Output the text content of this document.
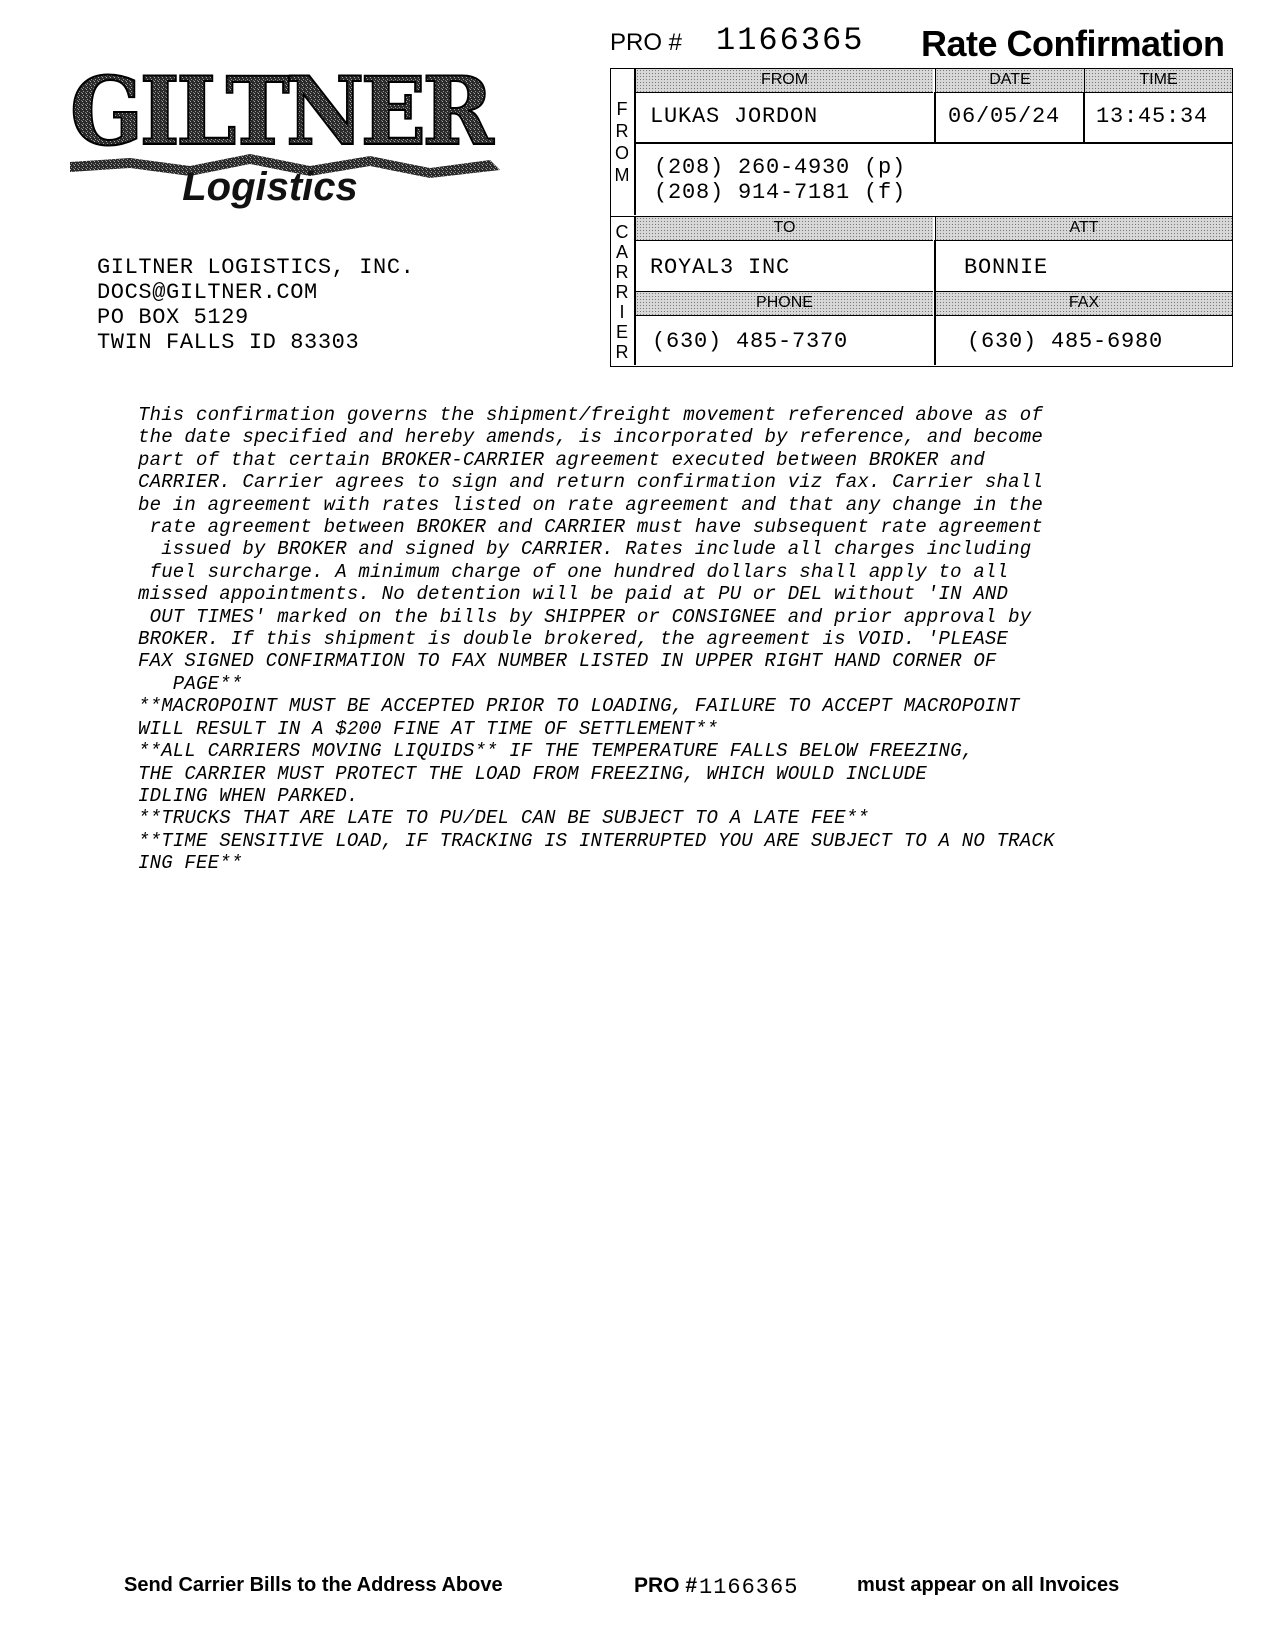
GILTNER
Logistics
GILTNER LOGISTICS, INC.
DOCS@GILTNER.COM
PO BOX 5129
TWIN FALLS ID 83303
PRO # 1166365 Rate Confirmation
F
R
O
M
FROM	DATE	TIME
LUKAS JORDON	06/05/24 13:45:34
(208) 260-4930 (p)
(208) 914-7181 (f)
C
A
R
R
I
E
R
TO	ATT
ROYAL3 INC	BONNIE
PHONE	FAX
(630) 485-7370	(630) 485-6980
This confirmation governs the shipment/freight movement referenced above as of
the date specified and hereby amends, is incorporated by reference, and become
part of that certain BROKER-CARRIER agreement executed between BROKER and
CARRIER. Carrier agrees to sign and return confirmation viz fax. Carrier shall
be in agreement with rates listed on rate agreement and that any change in the
rate agreement between BROKER and CARRIER must have subsequent rate agreement
issued by BROKER and signed by CARRIER. Rates include all charges including
fuel surcharge. A minimum charge of one hundred dollars shall apply to all
missed appointments. No detention will be paid at PU or DEL without 'IN AND
OUT TIMES' marked on the bills by SHIPPER or CONSIGNEE and prior approval by
BROKER. If this shipment is double brokered, the agreement is VOID. 'PLEASE
FAX SIGNED CONFIRMATION TO FAX NUMBER LISTED IN UPPER RIGHT HAND CORNER OF
PAGE**
**MACROPOINT MUST BE ACCEPTED PRIOR TO LOADING, FAILURE TO ACCEPT MACROPOINT
WILL RESULT IN A $200 FINE AT TIME OF SETTLEMENT**
**ALL CARRIERS MOVING LIQUIDS** IF THE TEMPERATURE FALLS BELOW FREEZING,
THE CARRIER MUST PROTECT THE LOAD FROM FREEZING, WHICH WOULD INCLUDE
IDLING WHEN PARKED.
**TRUCKS THAT ARE LATE TO PU/DEL CAN BE SUBJECT TO A LATE FEE**
**TIME SENSITIVE LOAD, IF TRACKING IS INTERRUPTED YOU ARE SUBJECT TO A NO TRACK
ING FEE**
Send Carrier Bills to the Address Above	PRO # 1166365	must appear on all Invoices
